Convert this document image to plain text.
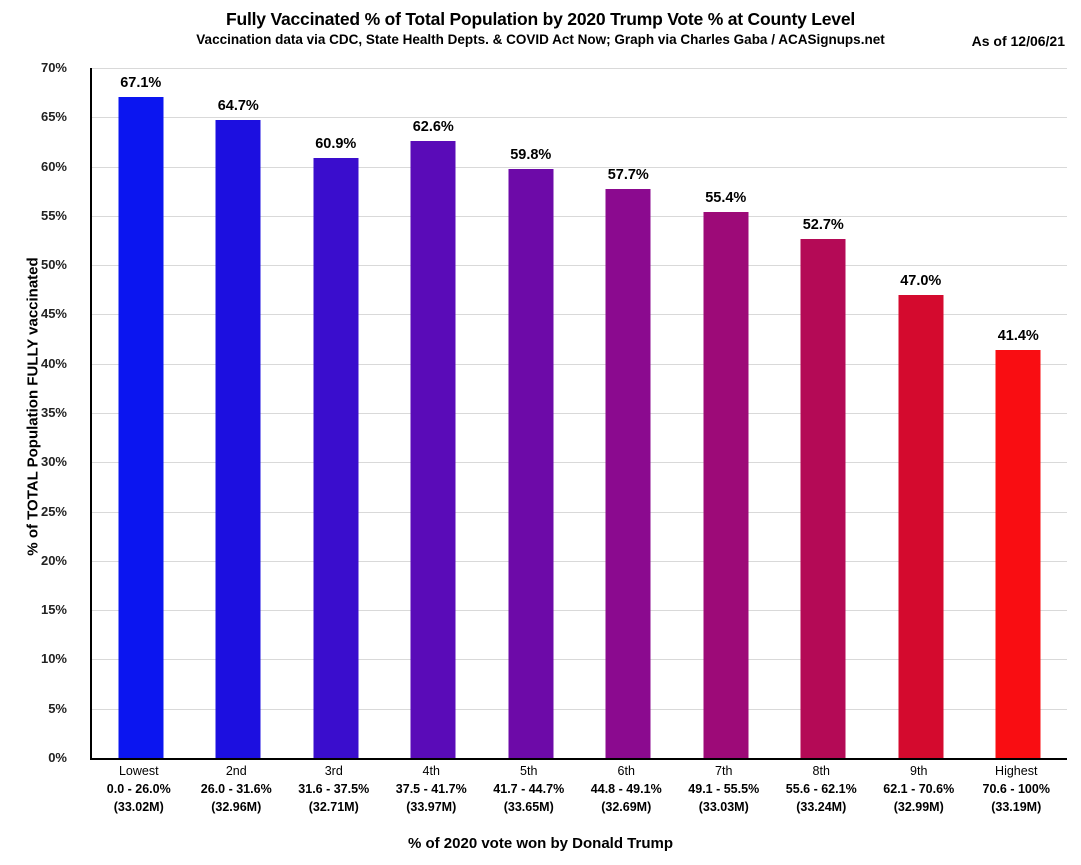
Fully Vaccinated % of Total Population by 2020 Trump Vote % at County Level
Vaccination data via CDC, State Health Depts. & COVID Act Now; Graph via Charles Gaba / ACASignups.net	As of 12/06/21
% of TOTAL Population FULLY vaccinated
% of 2020 vote won by Donald Trump
70%
65%
60%
55%
50%
45%
40%
35%
30%
25%
20%
15%
10%
5%
0%
67.1%
64.7%
60.9%
62.6%
59.8%
57.7%
55.4%
52.7%
47.0%
41.4%
Lowest
0.0 - 26.0%
(33.02M)
2nd
26.0 - 31.6%
(32.96M)
3rd
31.6 - 37.5%
(32.71M)
4th
37.5 - 41.7%
(33.97M)
5th
41.7 - 44.7%
(33.65M)
6th
44.8 - 49.1%
(32.69M)
7th
49.1 - 55.5%
(33.03M)
8th
55.6 - 62.1%
(33.24M)
9th
62.1 - 70.6%
(32.99M)
Highest
70.6 - 100%
(33.19M)
